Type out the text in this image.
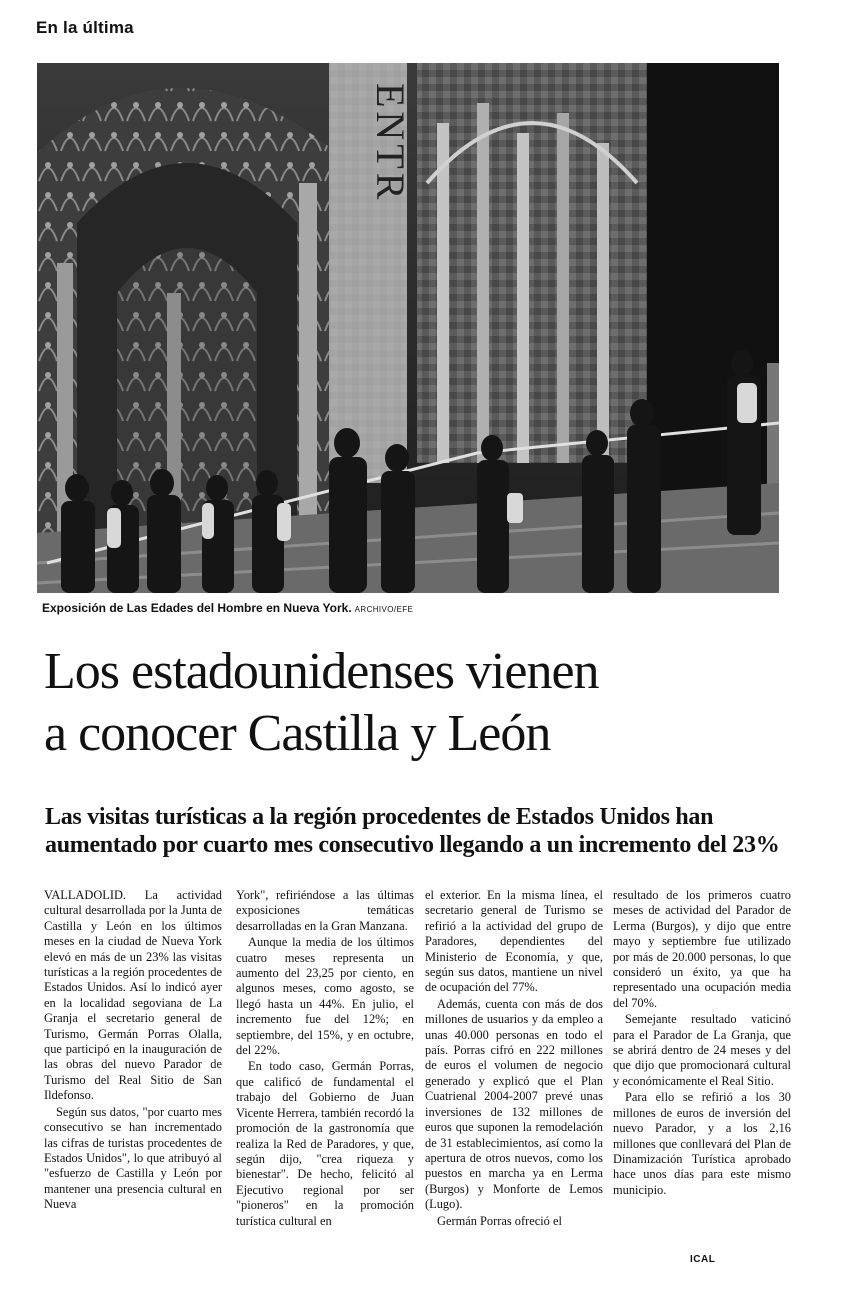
En la última
ENTR
Exposición de Las Edades del Hombre en Nueva York. ARCHIVO/EFE
Los estadounidenses vienen
a conocer Castilla y León
Las visitas turísticas a la región procedentes de Estados Unidos han
aumentado por cuarto mes consecutivo llegando a un incremento del 23%

VALLADOLID. La actividad cultural desarrollada por la Junta de Castilla y León en los últimos meses en la ciudad de Nueva York elevó en más de un 23% las visitas turísticas a la región procedentes de Estados Unidos. Así lo indicó ayer en la localidad segoviana de La Granja el secretario general de Turismo, Germán Porras Olalla, que participó en la inauguración de las obras del nuevo Parador de Turismo del Real Sitio de San Ildefonso.

Según sus datos, "por cuarto mes consecutivo se han incrementado las cifras de turistas procedentes de Estados Unidos", lo que atribuyó al "esfuerzo de Castilla y León por mantener una presencia cultural en Nueva

York", refiriéndose a las últimas exposiciones temáticas desarrolladas en la Gran Manzana.

Aunque la media de los últimos cuatro meses representa un aumento del 23,25 por ciento, en algunos meses, como agosto, se llegó hasta un 44%. En julio, el incremento fue del 12%; en septiembre, del 15%, y en octubre, del 22%.

En todo caso, Germán Porras, que calificó de fundamental el trabajo del Gobierno de Juan Vicente Herrera, también recordó la promoción de la gastronomía que realiza la Red de Paradores, y que, según dijo, "crea riqueza y bienestar". De hecho, felicitó al Ejecutivo regional por ser "pioneros" en la promoción turística cultural en

el exterior. En la misma línea, el secretario general de Turismo se refirió a la actividad del grupo de Paradores, dependientes del Ministerio de Economía, y que, según sus datos, mantiene un nivel de ocupación del 77%.

Además, cuenta con más de dos millones de usuarios y da empleo a unas 40.000 personas en todo el país. Porras cifró en 222 millones de euros el volumen de negocio generado y explicó que el Plan Cuatrienal 2004-2007 prevé unas inversiones de 132 millones de euros que suponen la remodelación de 31 establecimientos, así como la apertura de otros nuevos, como los puestos en marcha ya en Lerma (Burgos) y Monforte de Lemos (Lugo).

Germán Porras ofreció el

resultado de los primeros cuatro meses de actividad del Parador de Lerma (Burgos), y dijo que entre mayo y septiembre fue utilizado por más de 20.000 personas, lo que consideró un éxito, ya que ha representado una ocupación media del 70%.

Semejante resultado vaticinó para el Parador de La Granja, que se abrirá dentro de 24 meses y del que dijo que promocionará cultural y económicamente el Real Sitio.

Para ello se refirió a los 30 millones de euros de inversión del nuevo Parador, y a los 2,16 millones que conllevará del Plan de Dinamización Turística aprobado hace unos días para este mismo municipio.

ICAL
